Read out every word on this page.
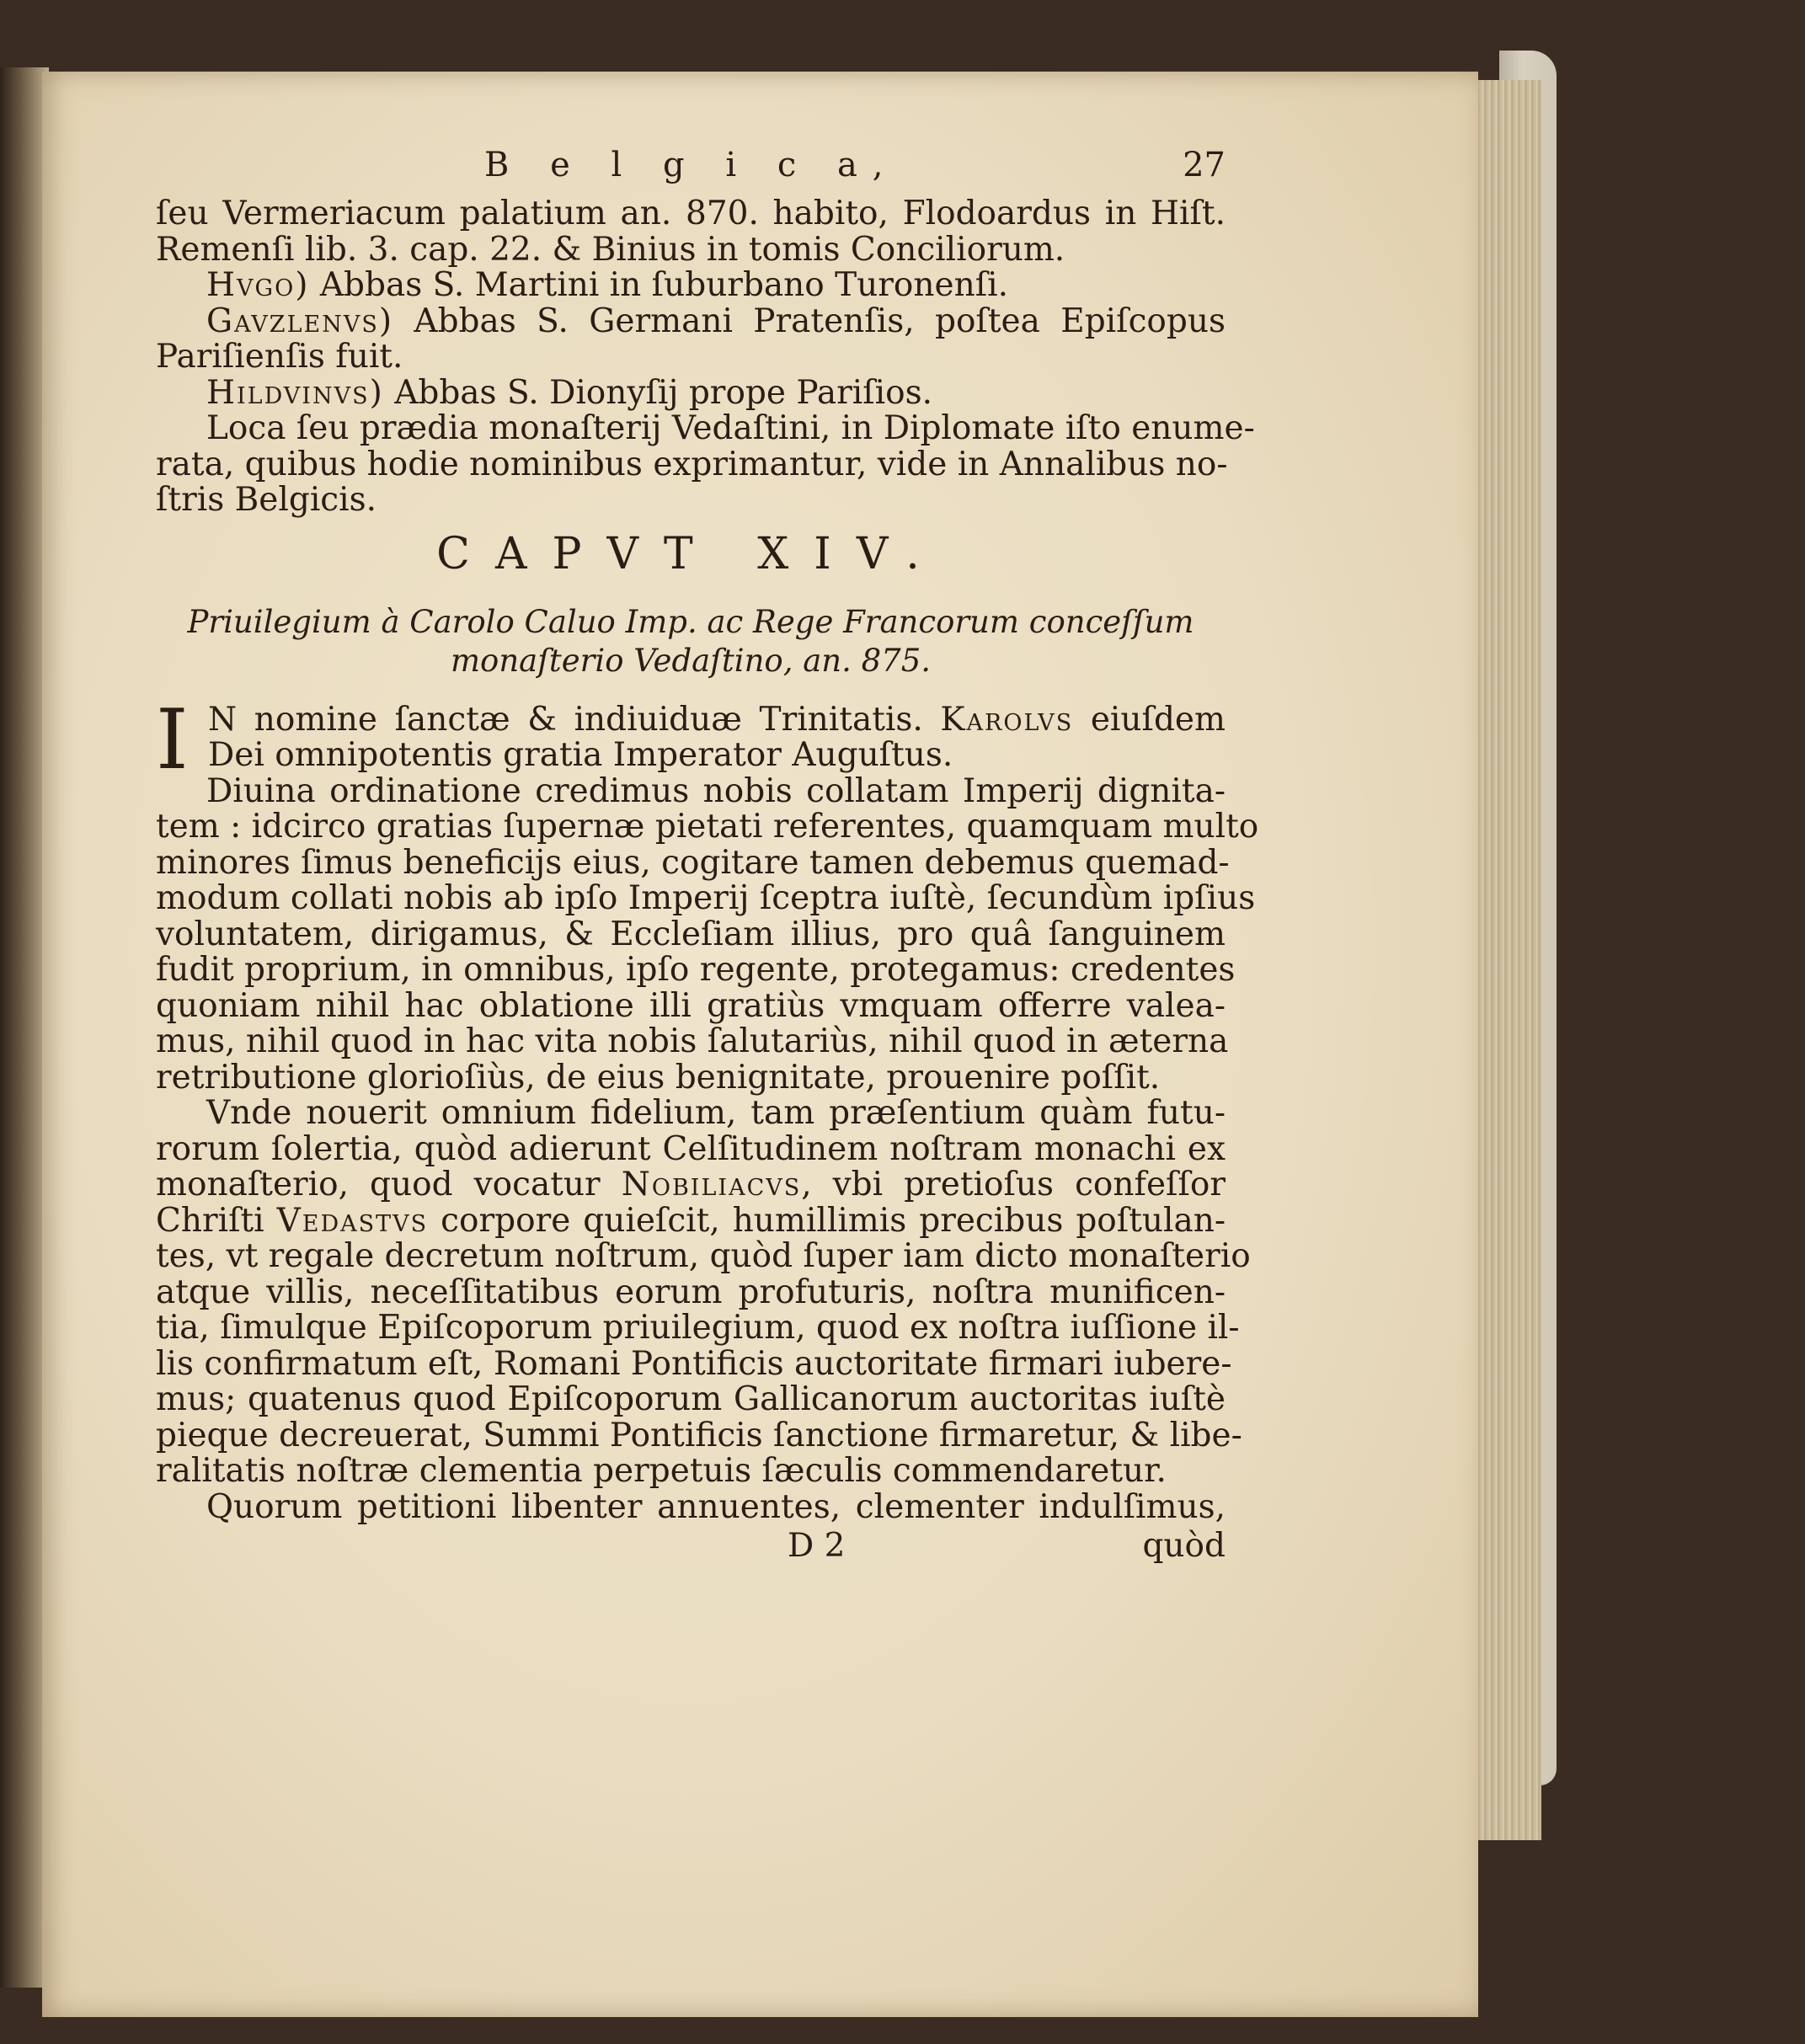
B e l g i c a,	27
ſeu Vermeriacum palatium an. 870. habito, Flodoardus in Hiſt.
Remenſi lib. 3. cap. 22. & Binius in tomis Conciliorum.
Hvgo) Abbas S. Martini in ſuburbano Turonenſi.
Gavzlenvs) Abbas S. Germani Pratenſis, poſtea Epiſcopus
Pariſienſis fuit.
Hildvinvs) Abbas S. Dionyſij prope Pariſios.
Loca ſeu prædia monaſterij Vedaſtini, in Diplomate iſto enume-
rata, quibus hodie nominibus exprimantur, vide in Annalibus no-
ſtris Belgicis.
CAPVT XIV.
Priuilegium à Carolo Caluo Imp. ac Rege Francorum conceſſum
monaſterio Vedaſtino, an. 875.
I N nomine ſanctæ & indiuiduæ Trinitatis. Karolvs eiuſdem
Dei omnipotentis gratia Imperator Auguſtus.
Diuina ordinatione credimus nobis collatam Imperij dignita-
tem : idcirco gratias ſupernæ pietati referentes, quamquam multo
minores ſimus beneficijs eius, cogitare tamen debemus quemad-
modum collati nobis ab ipſo Imperij ſceptra iuſtè, ſecundùm ipſius
voluntatem, dirigamus, & Eccleſiam illius, pro quâ ſanguinem
fudit proprium, in omnibus, ipſo regente, protegamus: credentes
quoniam nihil hac oblatione illi gratiùs vmquam offerre valea-
mus, nihil quod in hac vita nobis ſalutariùs, nihil quod in æterna
retributione glorioſiùs, de eius benignitate, prouenire poſſit.
Vnde nouerit omnium fidelium, tam præſentium quàm futu-
rorum ſolertia, quòd adierunt Celſitudinem noſtram monachi ex
monaſterio, quod vocatur Nobiliacvs, vbi pretioſus confeſſor
Chriſti Vedastvs corpore quieſcit, humillimis precibus poſtulan-
tes, vt regale decretum noſtrum, quòd ſuper iam dicto monaſterio
atque villis, neceſſitatibus eorum profuturis, noſtra munificen-
tia, ſimulque Epiſcoporum priuilegium, quod ex noſtra iuſſione il-
lis confirmatum eſt, Romani Pontificis auctoritate firmari iubere-
mus; quatenus quod Epiſcoporum Gallicanorum auctoritas iuſtè
pieque decreuerat, Summi Pontificis ſanctione firmaretur, & libe-
ralitatis noſtræ clementia perpetuis ſæculis commendaretur.
Quorum petitioni libenter annuentes, clementer indulſimus,
D 2	quòd
